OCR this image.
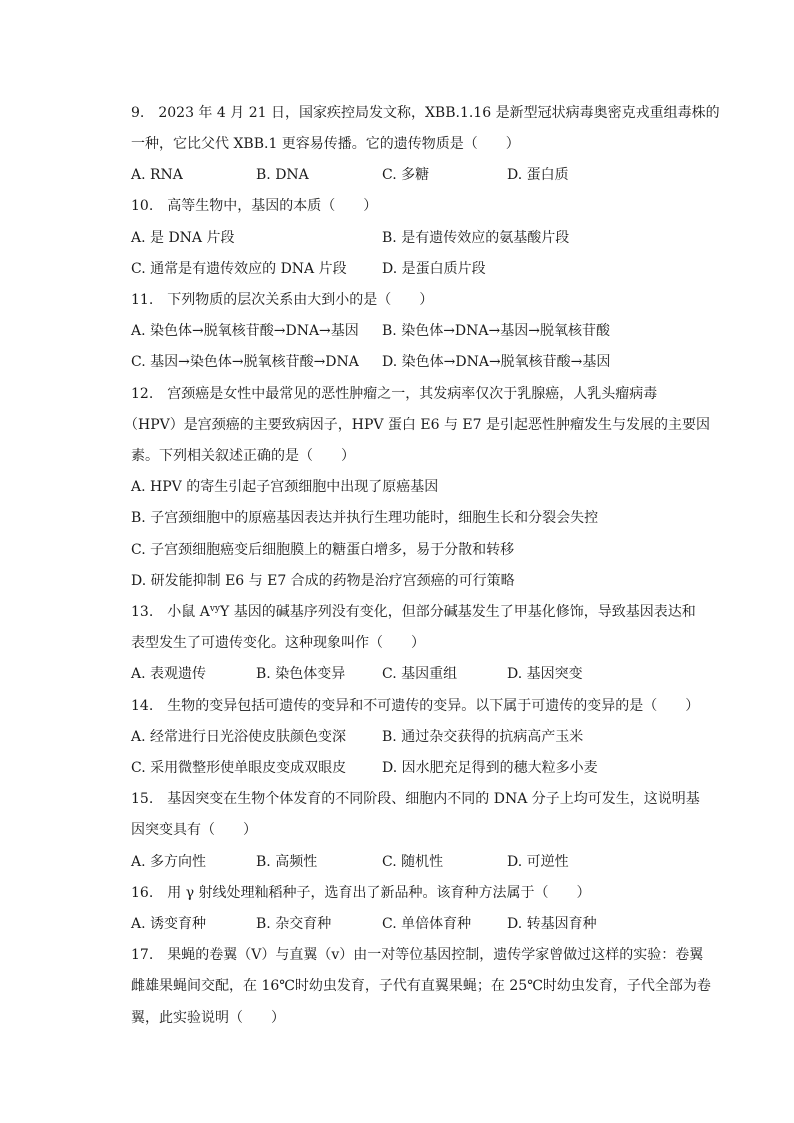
9.　2023 年 4 月 21 日，国家疾控局发文称，XBB.1.16 是新型冠状病毒奥密克戎重组毒株的
一种，它比父代 XBB.1 更容易传播。它的遗传物质是（　　）
A. RNA	B. DNA	C. 多糖	D. 蛋白质
10.　高等生物中，基因的本质（　　）
A. 是 DNA 片段	B. 是有遗传效应的氨基酸片段
C. 通常是有遗传效应的 DNA 片段	D. 是蛋白质片段
11.　下列物质的层次关系由大到小的是（　　）
A. 染色体→脱氧核苷酸→DNA→基因 B. 染色体→DNA→基因→脱氧核苷酸
C. 基因→染色体→脱氧核苷酸→DNA D. 染色体→DNA→脱氧核苷酸→基因
12.　宫颈癌是女性中最常见的恶性肿瘤之一，其发病率仅次于乳腺癌，人乳头瘤病毒
（HPV）是宫颈癌的主要致病因子，HPV 蛋白 E6 与 E7 是引起恶性肿瘤发生与发展的主要因
素。下列相关叙述正确的是（　　）
A. HPV 的寄生引起子宫颈细胞中出现了原癌基因
B. 子宫颈细胞中的原癌基因表达并执行生理功能时，细胞生长和分裂会失控
C. 子宫颈细胞癌变后细胞膜上的糖蛋白增多，易于分散和转移
D. 研发能抑制 E6 与 E7 合成的药物是治疗宫颈癌的可行策略
13.　小鼠 $A^{vy}Y$ 基因的碱基序列没有变化，但部分碱基发生了甲基化修饰，导致基因表达和
表型发生了可遗传变化。这种现象叫作（　　）
A. 表观遗传	B. 染色体变异	C. 基因重组	D. 基因突变
14.　生物的变异包括可遗传的变异和不可遗传的变异。以下属于可遗传的变异的是（　　）
A. 经常进行日光浴使皮肤颜色变深	B. 通过杂交获得的抗病高产玉米
C. 采用微整形使单眼皮变成双眼皮	D. 因水肥充足得到的穗大粒多小麦
15.　基因突变在生物个体发育的不同阶段、细胞内不同的 DNA 分子上均可发生，这说明基
因突变具有（　　）
A. 多方向性	B. 高频性	C. 随机性	D. 可逆性
16.　用 γ 射线处理籼稻种子，选育出了新品种。该育种方法属于（　　）
A. 诱变育种	B. 杂交育种	C. 单倍体育种	D. 转基因育种
17.　果蝇的卷翼（V）与直翼（v）由一对等位基因控制，遗传学家曾做过这样的实验：卷翼
雌雄果蝇间交配，在 16℃时幼虫发育，子代有直翼果蝇；在 25℃时幼虫发育，子代全部为卷
翼，此实验说明（　　）
